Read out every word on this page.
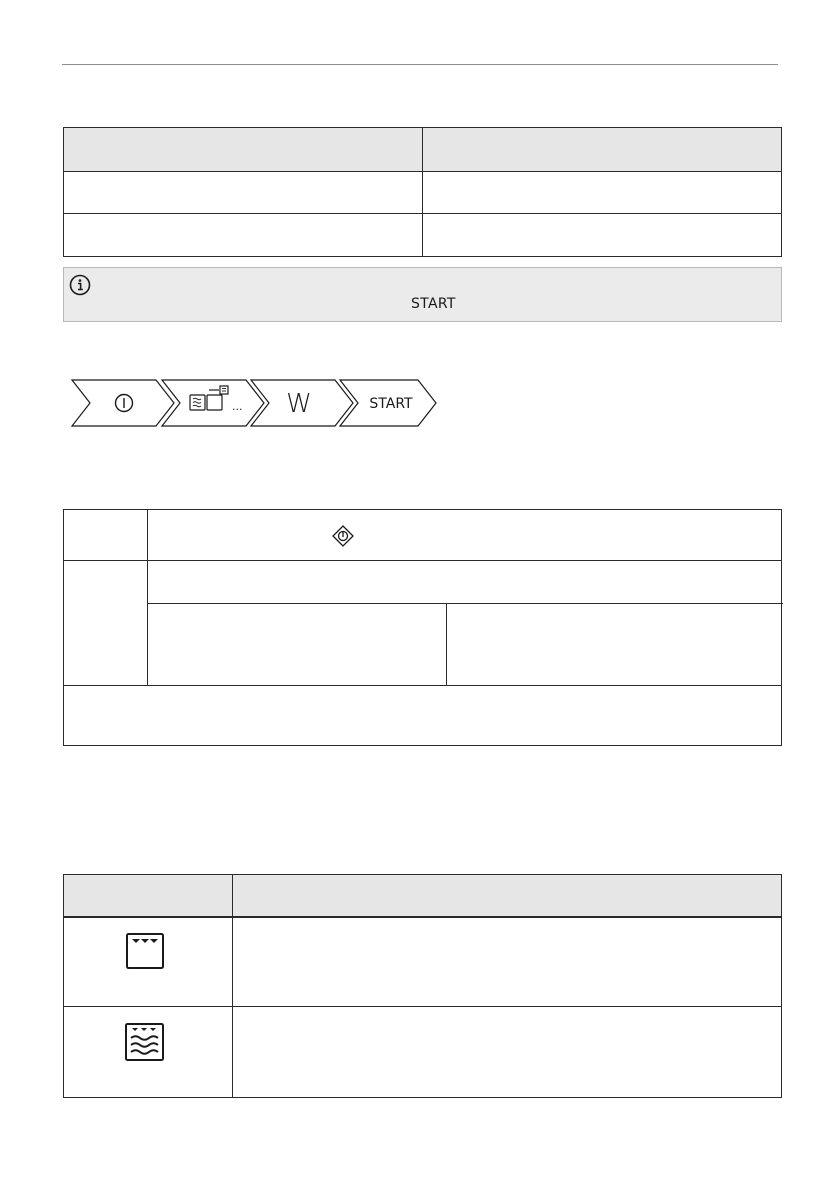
START
... W	START
